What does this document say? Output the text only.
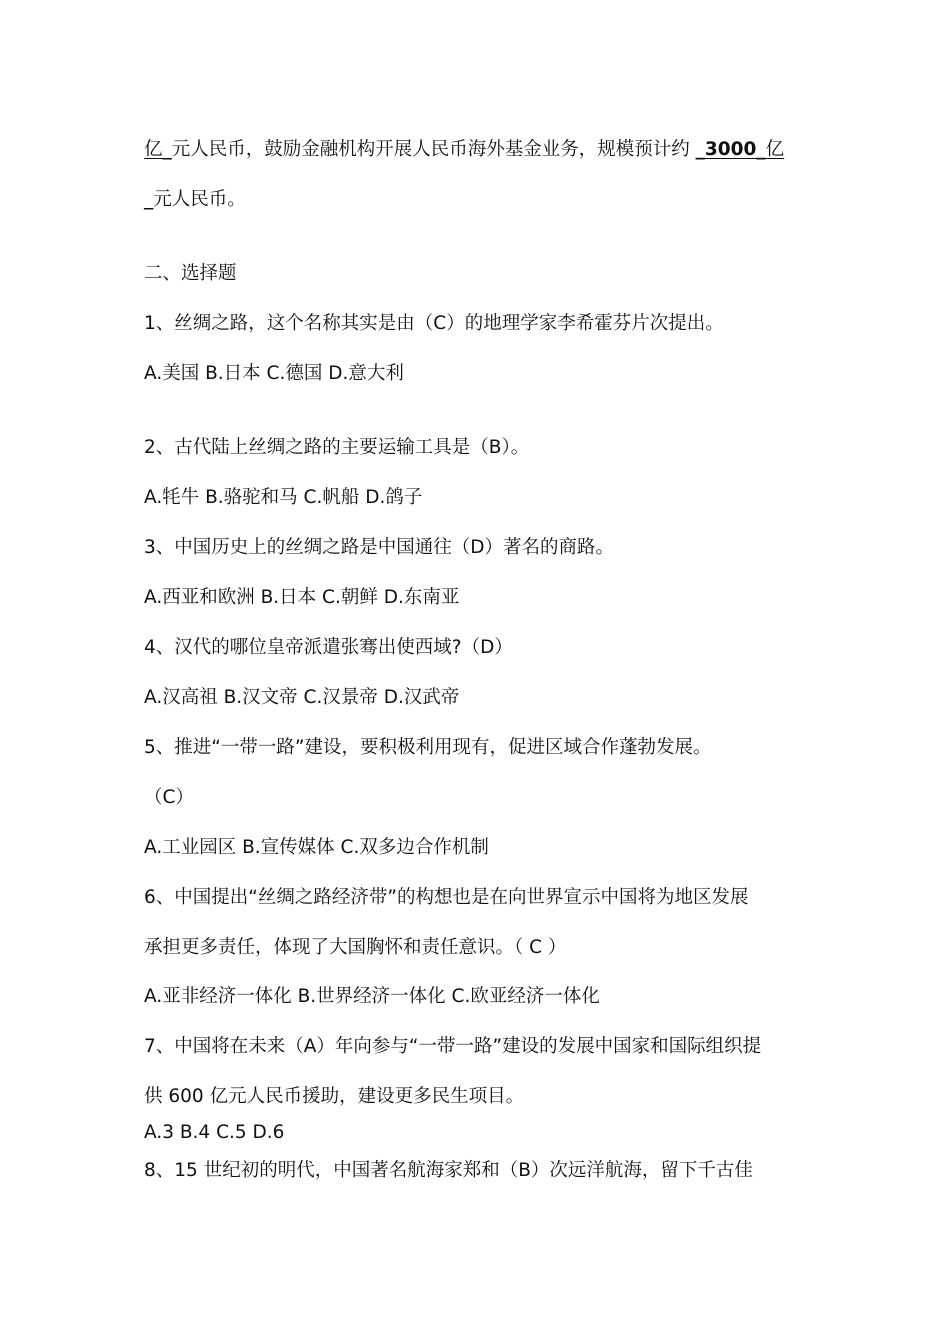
亿_元人民币，鼓励金融机构开展人民币海外基金业务，规模预计约 _3000_亿
_元人民币。
二、选择题
1、丝绸之路，这个名称其实是由（C）的地理学家李希霍芬片次提出。
A.美国 B.日本 C.德国 D.意大利
2、古代陆上丝绸之路的主要运输工具是（B）。
A.牦牛 B.骆驼和马 C.帆船 D.鸽子
3、中国历史上的丝绸之路是中国通往（D）著名的商路。
A.西亚和欧洲 B.日本 C.朝鲜 D.东南亚
4、汉代的哪位皇帝派遣张骞出使西域?（D）
A.汉高祖 B.汉文帝 C.汉景帝 D.汉武帝
5、推进“一带一路”建设，要积极利用现有，促进区域合作蓬勃发展。
（C）
A.工业园区 B.宣传媒体 C.双多边合作机制
6、中国提出“丝绸之路经济带”的构想也是在向世界宣示中国将为地区发展
承担更多责任，体现了大国胸怀和责任意识。（ C ）
A.亚非经济一体化 B.世界经济一体化 C.欧亚经济一体化
7、中国将在未来（A）年向参与“一带一路”建设的发展中国家和国际组织提
供 600 亿元人民币援助，建设更多民生项目。
A.3 B.4 C.5 D.6
8、15 世纪初的明代，中国著名航海家郑和（B）次远洋航海，留下千古佳
